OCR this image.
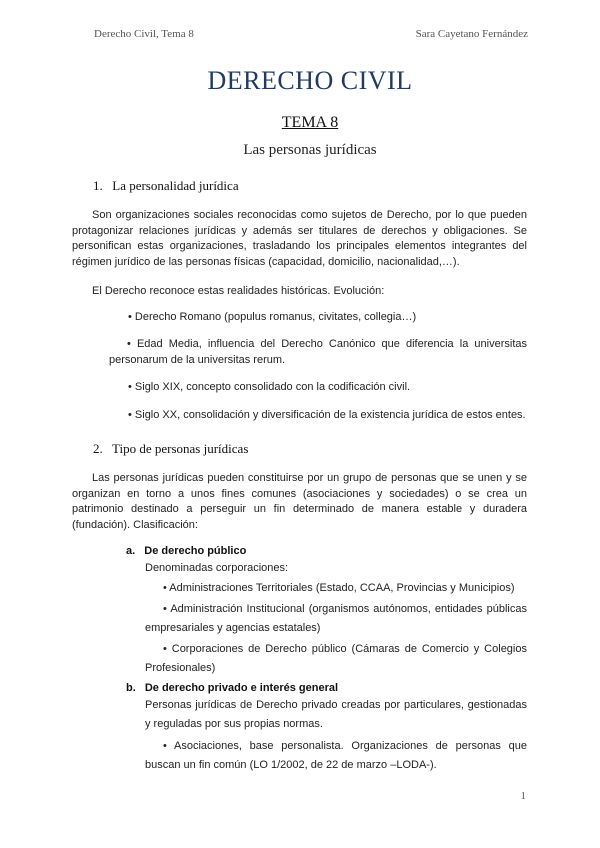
Derecho Civil, Tema 8	Sara Cayetano Fernández
DERECHO CIVIL
TEMA 8
Las personas jurídicas
1. La personalidad jurídica
Son organizaciones sociales reconocidas como sujetos de Derecho, por lo que pueden protagonizar relaciones jurídicas y además ser titulares de derechos y obligaciones. Se personifican estas organizaciones, trasladando los principales elementos integrantes del régimen jurídico de las personas físicas (capacidad, domicilio, nacionalidad,…).
El Derecho reconoce estas realidades históricas. Evolución:
• Derecho Romano (populus romanus, civitates, collegia…)
• Edad Media, influencia del Derecho Canónico que diferencia la universitas personarum de la universitas rerum.
• Siglo XIX, concepto consolidado con la codificación civil.
• Siglo XX, consolidación y diversificación de la existencia jurídica de estos entes.
2. Tipo de personas jurídicas
Las personas jurídicas pueden constituirse por un grupo de personas que se unen y se organizan en torno a unos fines comunes (asociaciones y sociedades) o se crea un patrimonio destinado a perseguir un fin determinado de manera estable y duradera (fundación). Clasificación:
a. De derecho público
Denominadas corporaciones:
• Administraciones Territoriales (Estado, CCAA, Provincias y Municipios)
• Administración Institucional (organismos autónomos, entidades públicas empresariales y agencias estatales)
• Corporaciones de Derecho público (Cámaras de Comercio y Colegios Profesionales)
b. De derecho privado e interés general
Personas jurídicas de Derecho privado creadas por particulares, gestionadas y reguladas por sus propias normas.
• Asociaciones, base personalista. Organizaciones de personas que buscan un fin común (LO 1/2002, de 22 de marzo –LODA-).
1
